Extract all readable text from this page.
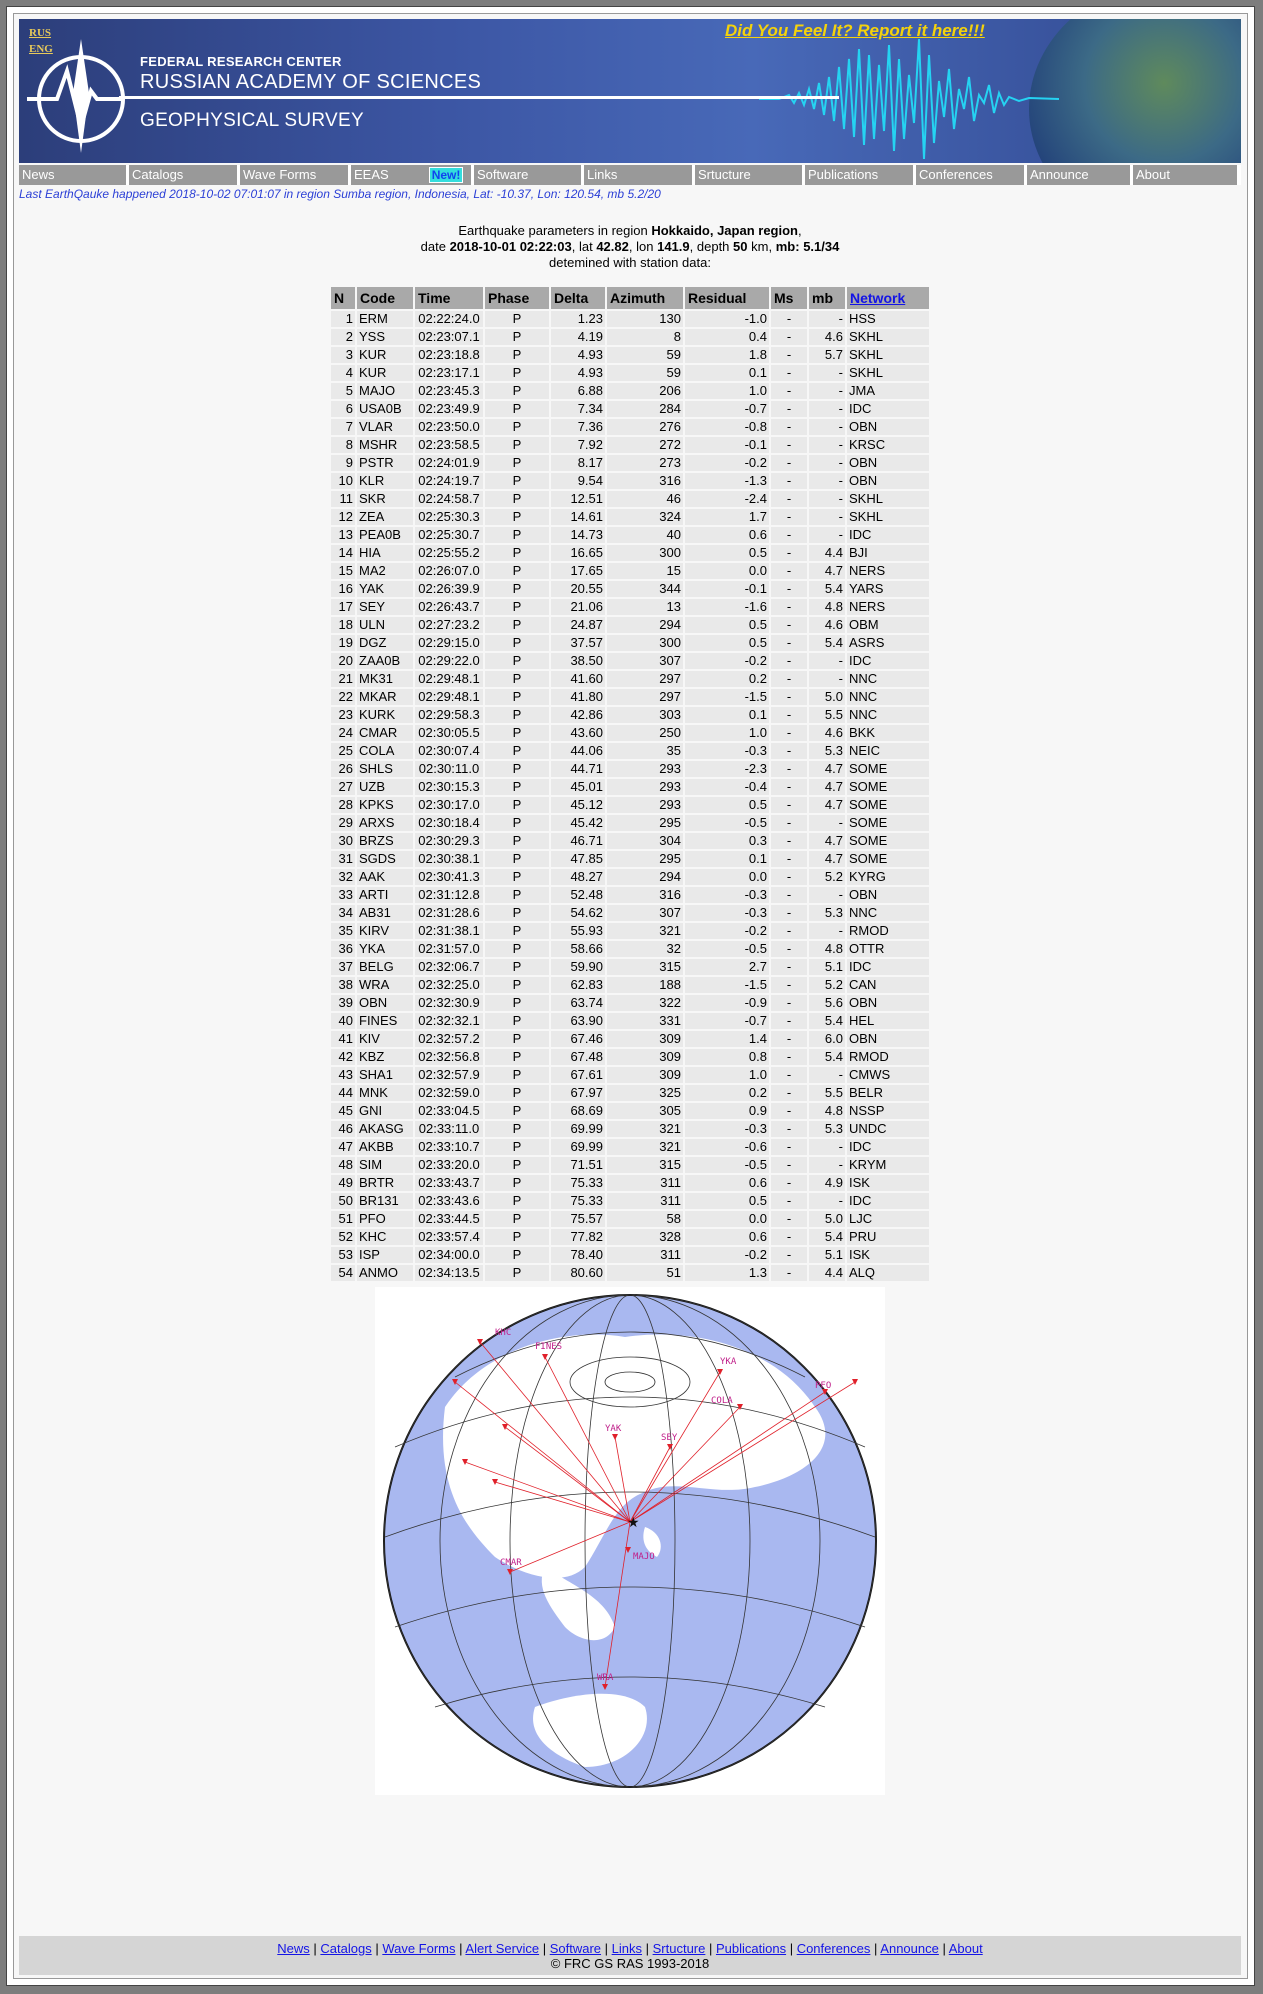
RUS
ENG
FEDERAL RESEARCH CENTER
RUSSIAN ACADEMY OF SCIENCES
GEOPHYSICAL SURVEY
Did You Feel It? Report it here!!!
News	Catalogs	Wave Forms	EEAS	New!	Software	Links	Srtucture	Publications	Conferences	Announce	About
Last EarthQauke happened 2018-10-02 07:01:07 in region Sumba region, Indonesia, Lat: -10.37, Lon: 120.54, mb 5.2/20
Earthquake parameters in region Hokkaido, Japan region,
date 2018-10-01 02:22:03, lat 42.82, lon 141.9, depth 50 km, mb: 5.1/34
detemined with station data:
N	Code	Time	Phase	Delta	Azimuth	Residual	Ms	mb	Network
1	ERM	02:22:24.0	P	1.23	130	-1.0	-	-	HSS
2	YSS	02:23:07.1	P	4.19	8	0.4	-	4.6	SKHL
3	KUR	02:23:18.8	P	4.93	59	1.8	-	5.7	SKHL
4	KUR	02:23:17.1	P	4.93	59	0.1	-	-	SKHL
5	MAJO	02:23:45.3	P	6.88	206	1.0	-	-	JMA
6	USA0B	02:23:49.9	P	7.34	284	-0.7	-	-	IDC
7	VLAR	02:23:50.0	P	7.36	276	-0.8	-	-	OBN
8	MSHR	02:23:58.5	P	7.92	272	-0.1	-	-	KRSC
9	PSTR	02:24:01.9	P	8.17	273	-0.2	-	-	OBN
10	KLR	02:24:19.7	P	9.54	316	-1.3	-	-	OBN
11	SKR	02:24:58.7	P	12.51	46	-2.4	-	-	SKHL
12	ZEA	02:25:30.3	P	14.61	324	1.7	-	-	SKHL
13	PEA0B	02:25:30.7	P	14.73	40	0.6	-	-	IDC
14	HIA	02:25:55.2	P	16.65	300	0.5	-	4.4	BJI
15	MA2	02:26:07.0	P	17.65	15	0.0	-	4.7	NERS
16	YAK	02:26:39.9	P	20.55	344	-0.1	-	5.4	YARS
17	SEY	02:26:43.7	P	21.06	13	-1.6	-	4.8	NERS
18	ULN	02:27:23.2	P	24.87	294	0.5	-	4.6	OBM
19	DGZ	02:29:15.0	P	37.57	300	0.5	-	5.4	ASRS
20	ZAA0B	02:29:22.0	P	38.50	307	-0.2	-	-	IDC
21	MK31	02:29:48.1	P	41.60	297	0.2	-	-	NNC
22	MKAR	02:29:48.1	P	41.80	297	-1.5	-	5.0	NNC
23	KURK	02:29:58.3	P	42.86	303	0.1	-	5.5	NNC
24	CMAR	02:30:05.5	P	43.60	250	1.0	-	4.6	BKK
25	COLA	02:30:07.4	P	44.06	35	-0.3	-	5.3	NEIC
26	SHLS	02:30:11.0	P	44.71	293	-2.3	-	4.7	SOME
27	UZB	02:30:15.3	P	45.01	293	-0.4	-	4.7	SOME
28	KPKS	02:30:17.0	P	45.12	293	0.5	-	4.7	SOME
29	ARXS	02:30:18.4	P	45.42	295	-0.5	-	-	SOME
30	BRZS	02:30:29.3	P	46.71	304	0.3	-	4.7	SOME
31	SGDS	02:30:38.1	P	47.85	295	0.1	-	4.7	SOME
32	AAK	02:30:41.3	P	48.27	294	0.0	-	5.2	KYRG
33	ARTI	02:31:12.8	P	52.48	316	-0.3	-	-	OBN
34	AB31	02:31:28.6	P	54.62	307	-0.3	-	5.3	NNC
35	KIRV	02:31:38.1	P	55.93	321	-0.2	-	-	RMOD
36	YKA	02:31:57.0	P	58.66	32	-0.5	-	4.8	OTTR
37	BELG	02:32:06.7	P	59.90	315	2.7	-	5.1	IDC
38	WRA	02:32:25.0	P	62.83	188	-1.5	-	5.2	CAN
39	OBN	02:32:30.9	P	63.74	322	-0.9	-	5.6	OBN
40	FINES	02:32:32.1	P	63.90	331	-0.7	-	5.4	HEL
41	KIV	02:32:57.2	P	67.46	309	1.4	-	6.0	OBN
42	KBZ	02:32:56.8	P	67.48	309	0.8	-	5.4	RMOD
43	SHA1	02:32:57.9	P	67.61	309	1.0	-	-	CMWS
44	MNK	02:32:59.0	P	67.97	325	0.2	-	5.5	BELR
45	GNI	02:33:04.5	P	68.69	305	0.9	-	4.8	NSSP
46	AKASG	02:33:11.0	P	69.99	321	-0.3	-	5.3	UNDC
47	AKBB	02:33:10.7	P	69.99	321	-0.6	-	-	IDC
48	SIM	02:33:20.0	P	71.51	315	-0.5	-	-	KRYM
49	BRTR	02:33:43.7	P	75.33	311	0.6	-	4.9	ISK
50	BR131	02:33:43.6	P	75.33	311	0.5	-	-	IDC
51	PFO	02:33:44.5	P	75.57	58	0.0	-	5.0	LJC
52	KHC	02:33:57.4	P	77.82	328	0.6	-	5.4	PRU
53	ISP	02:34:00.0	P	78.40	311	-0.2	-	5.1	ISK
54	ANMO	02:34:13.5	P	80.60	51	1.3	-	4.4	ALQ
★
KHC
FINES
YKA
COLA
PFO
YAK
SEY
MAJO
CMAR
WRA
News | Catalogs | Wave Forms | Alert Service | Software | Links | Srtucture | Publications | Conferences | Announce | About
© FRC GS RAS 1993-2018
